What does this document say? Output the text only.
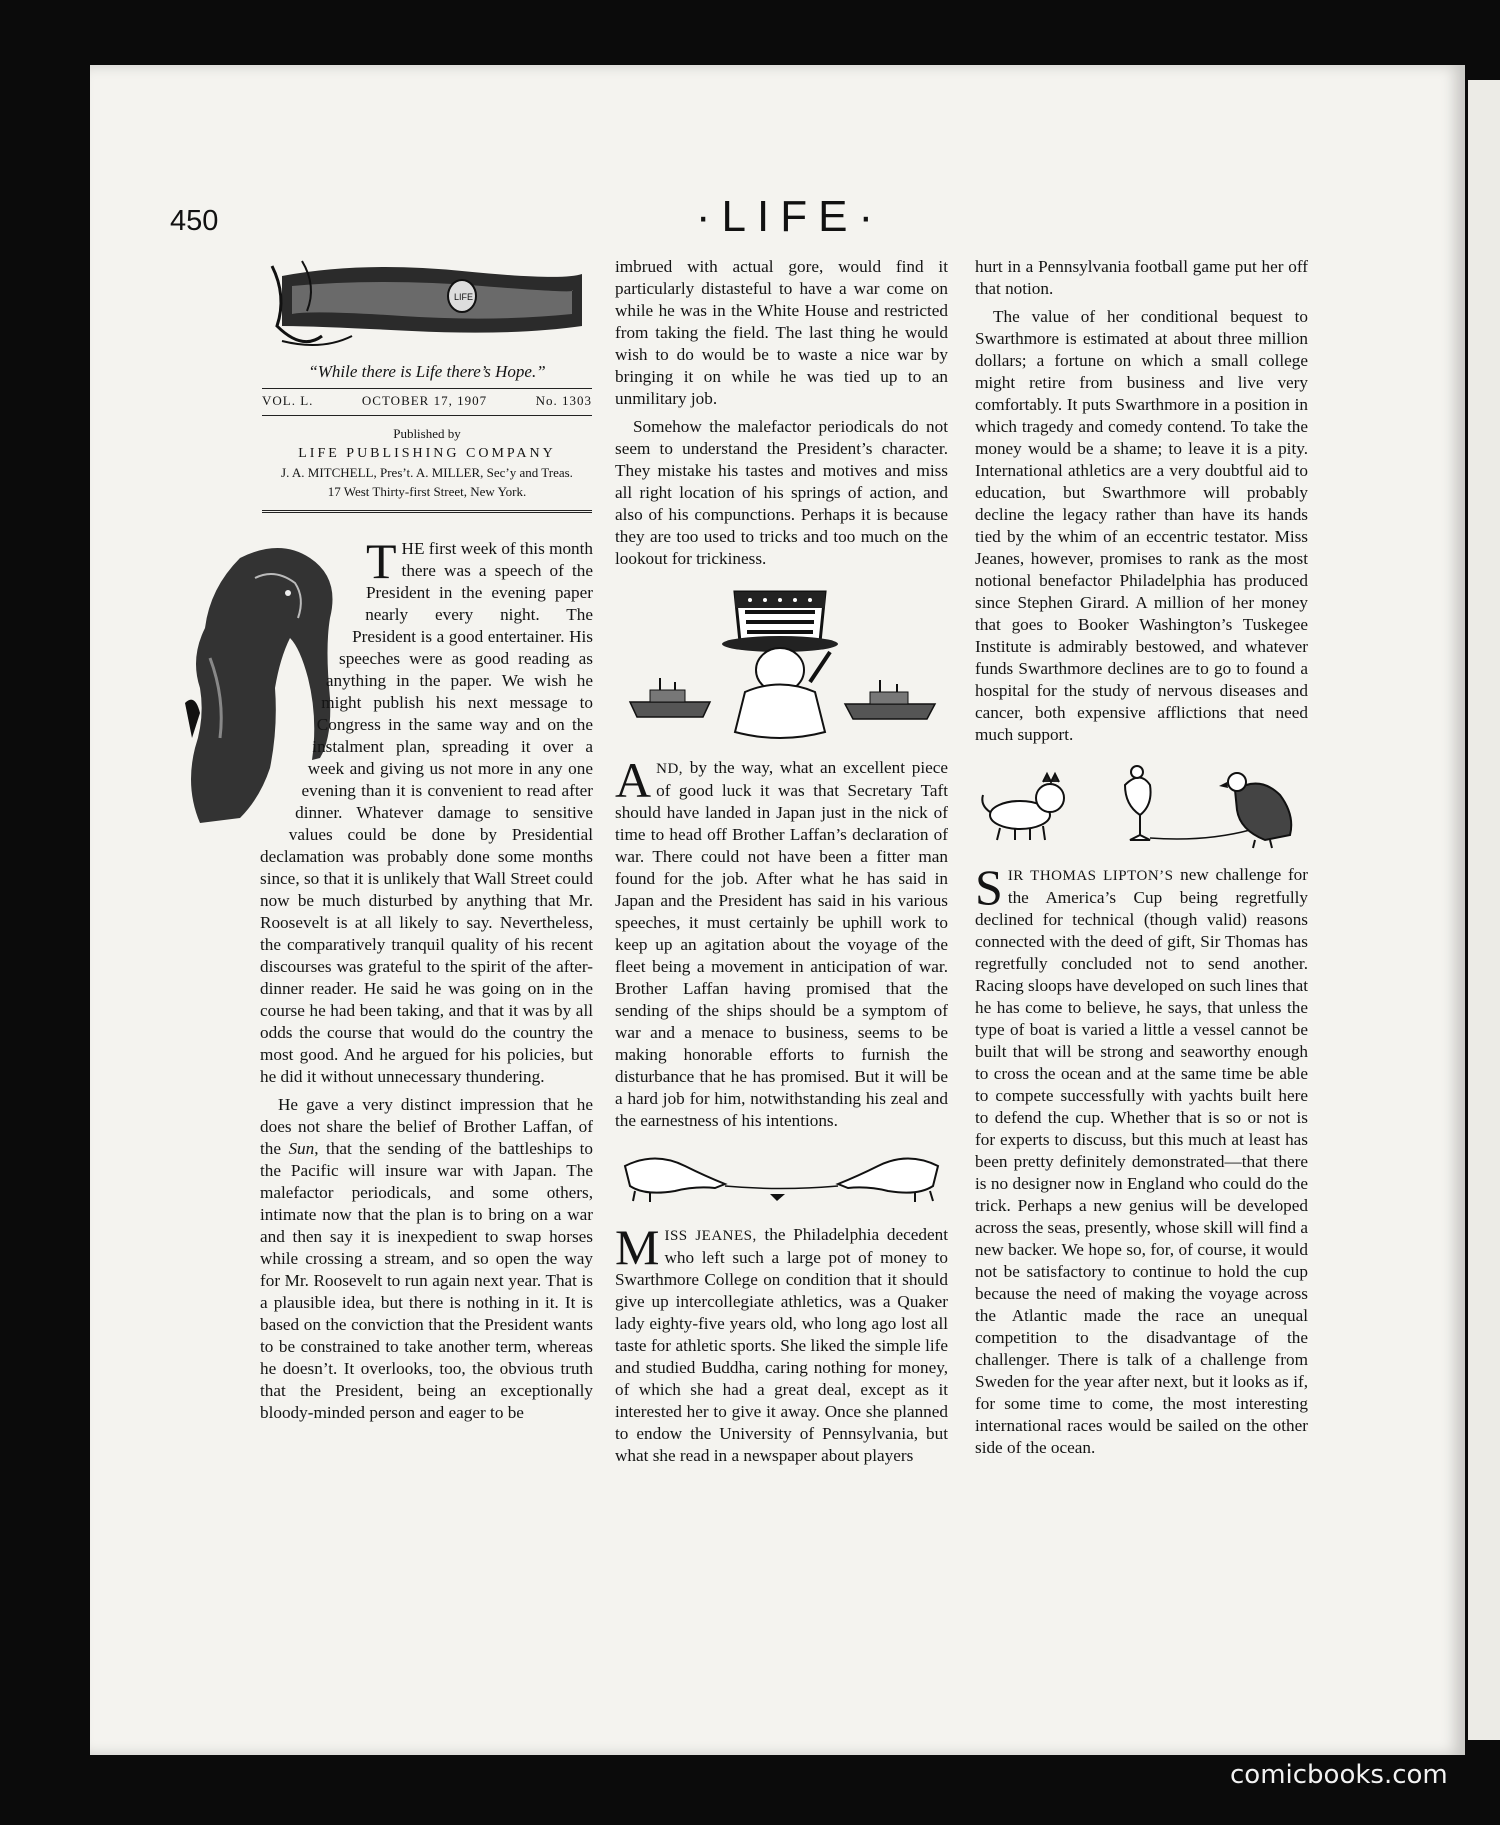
450	·LIFE·
LIFE
“While there is Life there’s Hope.”
VOL. L.	OCTOBER 17, 1907	No. 1303
Published by
LIFE PUBLISHING COMPANY
J. A. MITCHELL, Pres’t. A. MILLER, Sec’y and Treas.
17 West Thirty-first Street, New York.

THE first week of this month there was a speech of the President in the evening paper nearly every night. The President is a good entertainer. His speeches were as good reading as anything in the paper. We wish he might publish his next message to Congress in the same way and on the instalment plan, spreading it over a week and giving us not more in any one evening than it is convenient to read after dinner. Whatever damage to sensitive values could be done by Presidential declamation was probably done some months since, so that it is unlikely that Wall Street could now be much disturbed by anything that Mr. Roosevelt is at all likely to say. Nevertheless, the comparatively tranquil quality of his recent discourses was grateful to the spirit of the after-dinner reader. He said he was going on in the course he had been taking, and that it was by all odds the course that would do the country the most good. And he argued for his policies, but he did it without unnecessary thundering.

He gave a very distinct impression that he does not share the belief of Brother Laffan, of the Sun, that the sending of the battleships to the Pacific will insure war with Japan. The malefactor periodicals, and some others, intimate now that the plan is to bring on a war and then say it is inexpedient to swap horses while crossing a stream, and so open the way for Mr. Roosevelt to run again next year. That is a plausible idea, but there is nothing in it. It is based on the conviction that the President wants to be constrained to take another term, whereas he doesn’t. It overlooks, too, the obvious truth that the President, being an exceptionally bloody-minded person and eager to be

imbrued with actual gore, would find it particularly distasteful to have a war come on while he was in the White House and restricted from taking the field. The last thing he would wish to do would be to waste a nice war by bringing it on while he was tied up to an unmilitary job.

Somehow the malefactor periodicals do not seem to understand the President’s character. They mistake his tastes and motives and miss all right location of his springs of action, and also of his compunctions. Perhaps it is because they are too used to tricks and too much on the lookout for trickiness.

AND, by the way, what an excellent piece of good luck it was that Secretary Taft should have landed in Japan just in the nick of time to head off Brother Laffan’s declaration of war. There could not have been a fitter man found for the job. After what he has said in Japan and the President has said in his various speeches, it must certainly be uphill work to keep up an agitation about the voyage of the fleet being a movement in anticipation of war. Brother Laffan having promised that the sending of the ships should be a symptom of war and a menace to business, seems to be making honorable efforts to furnish the disturbance that he has promised. But it will be a hard job for him, notwithstanding his zeal and the earnestness of his intentions.

MISS JEANES, the Philadelphia decedent who left such a large pot of money to Swarthmore College on condition that it should give up intercollegiate athletics, was a Quaker lady eighty-five years old, who long ago lost all taste for athletic sports. She liked the simple life and studied Buddha, caring nothing for money, of which she had a great deal, except as it interested her to give it away. Once she planned to endow the University of Pennsylvania, but what she read in a newspaper about players

hurt in a Pennsylvania football game put her off that notion.

The value of her conditional bequest to Swarthmore is estimated at about three million dollars; a fortune on which a small college might retire from business and live very comfortably. It puts Swarthmore in a position in which tragedy and comedy contend. To take the money would be a shame; to leave it is a pity. International athletics are a very doubtful aid to education, but Swarthmore will probably decline the legacy rather than have its hands tied by the whim of an eccentric testator. Miss Jeanes, however, promises to rank as the most notional benefactor Philadelphia has produced since Stephen Girard. A million of her money that goes to Booker Washington’s Tuskegee Institute is admirably bestowed, and whatever funds Swarthmore declines are to go to found a hospital for the study of nervous diseases and cancer, both expensive afflictions that need much support.

SIR THOMAS LIPTON’S new challenge for the America’s Cup being regretfully declined for technical (though valid) reasons connected with the deed of gift, Sir Thomas has regretfully concluded not to send another. Racing sloops have developed on such lines that he has come to believe, he says, that unless the type of boat is varied a little a vessel cannot be built that will be strong and seaworthy enough to cross the ocean and at the same time be able to compete successfully with yachts built here to defend the cup. Whether that is so or not is for experts to discuss, but this much at least has been pretty definitely demonstrated—that there is no designer now in England who could do the trick. Perhaps a new genius will be developed across the seas, presently, whose skill will find a new backer. We hope so, for, of course, it would not be satisfactory to continue to hold the cup because the need of making the voyage across the Atlantic made the race an unequal competition to the disadvantage of the challenger. There is talk of a challenge from Sweden for the year after next, but it looks as if, for some time to come, the most interesting international races would be sailed on the other side of the ocean.

comicbooks.com
